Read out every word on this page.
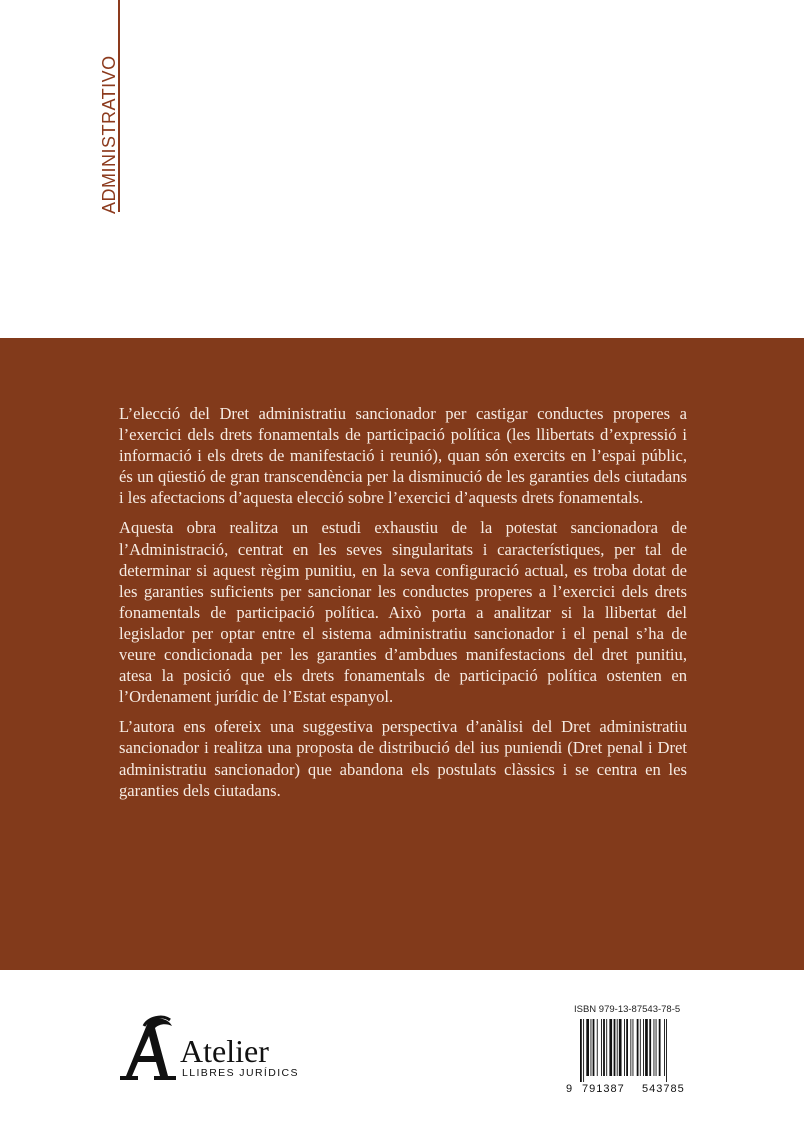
ADMINISTRATIVO

L’elecció del Dret administratiu sancionador per castigar conductes properes a l’exercici dels drets fonamentals de participació política (les llibertats d’expressió i informació i els drets de manifestació i reunió), quan són exercits en l’espai públic, és un qüestió de gran transcendència per la disminució de les garanties dels ciutadans i les afectacions d’aquesta elecció sobre l’exercici d’aquests drets fonamentals.

Aquesta obra realitza un estudi exhaustiu de la potestat sancionadora de l’Administració, centrat en les seves singularitats i característiques, per tal de determinar si aquest règim punitiu, en la seva configuració actual, es troba dotat de les garanties suficients per sancionar les conductes properes a l’exercici dels drets fonamentals de participació política. Això porta a analitzar si la llibertat del legislador per optar entre el sistema administratiu sancionador i el penal s’ha de veure condicionada per les garanties d’ambdues manifestacions del dret punitiu, atesa la posició que els drets fonamentals de participació política ostenten en l’Ordenament jurídic de l’Estat espanyol.

L’autora ens ofereix una suggestiva perspectiva d’anàlisi del Dret administratiu sancionador i realitza una proposta de distribució del ius puniendi (Dret penal i Dret administratiu sancionador) que abandona els postulats clàssics i se centra en les garanties dels ciutadans.

Atelier
LLIBRES JURÍDICS
ISBN 979-13-87543-78-5
9 791387 543785
